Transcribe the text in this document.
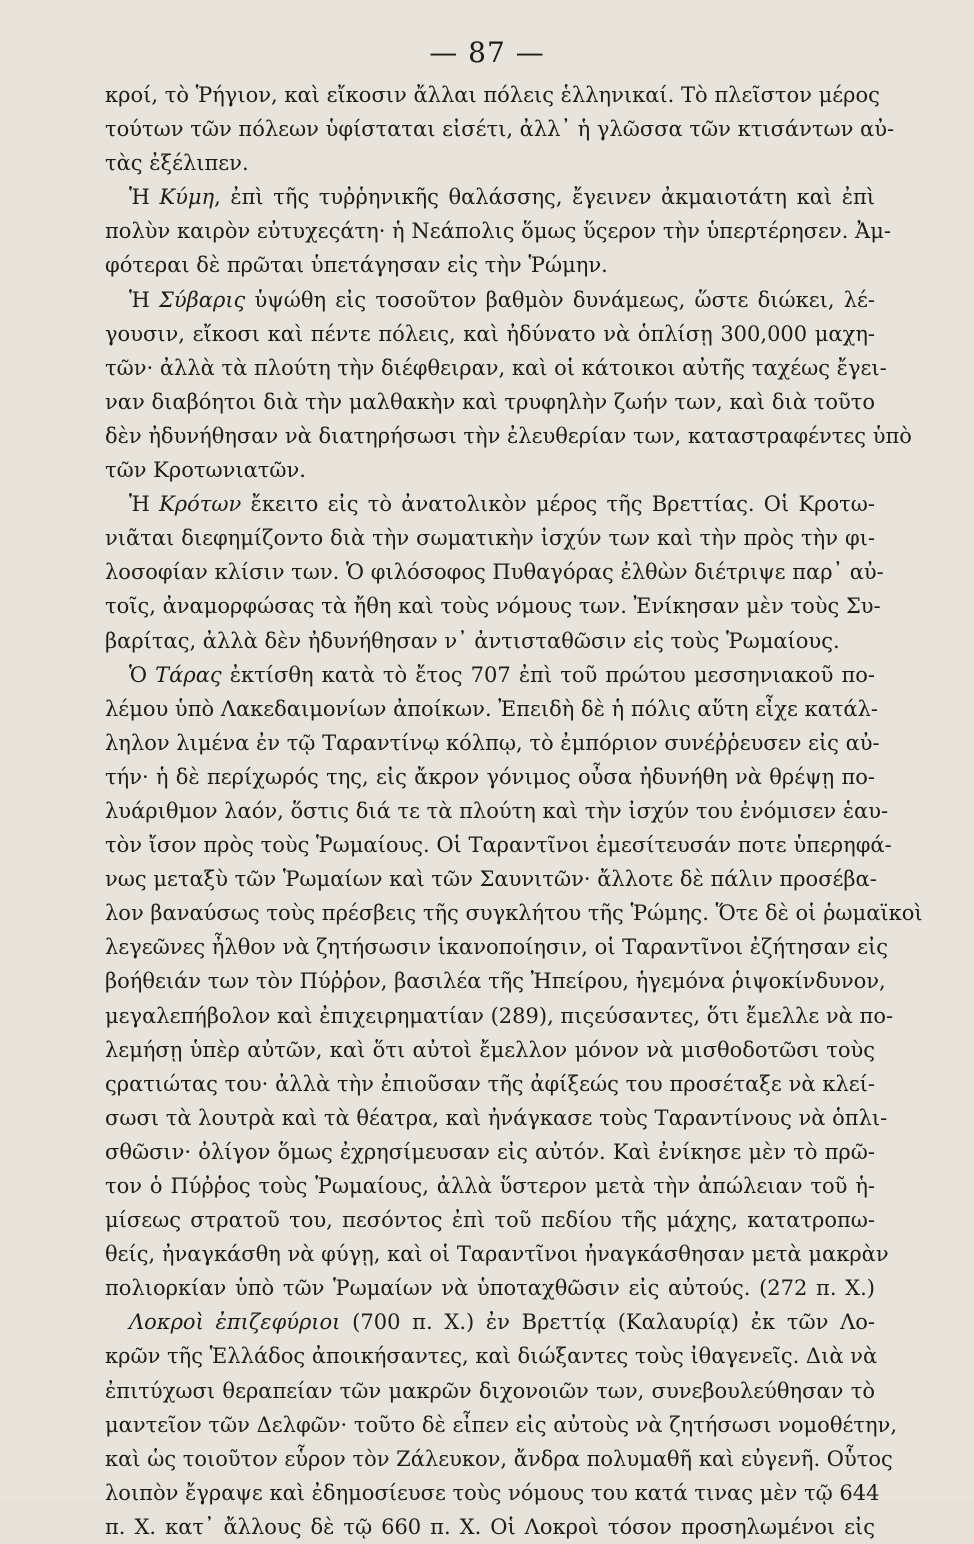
— 87 —
κροί, τὸ Ῥήγιον, καὶ εἴκοσιν ἄλλαι πόλεις ἑλληνικαί. Τὸ πλεῖστον μέρος
τούτων τῶν πόλεων ὑφίσταται εἰσέτι, ἀλλ᾽ ἡ γλῶσσα τῶν κτισάντων αὐ-
τὰς ἐξέλιπεν.
Ἡ Κύμη, ἐπὶ τῆς τυῤῥηνικῆς θαλάσσης, ἔγεινεν ἀκμαιοτάτη καὶ ἐπὶ
πολὺν καιρὸν εὐτυχεςάτη· ἡ Νεάπολις ὅμως ὕςερον τὴν ὑπερτέρησεν. Ἀμ-
φότεραι δὲ πρῶται ὑπετάγησαν εἰς τὴν Ῥώμην.
Ἡ Σύβαρις ὑψώθη εἰς τοσοῦτον βαθμὸν δυνάμεως, ὥστε διώκει, λέ-
γουσιν, εἴκοσι καὶ πέντε πόλεις, καὶ ἠδύνατο νὰ ὁπλίσῃ 300,000 μαχη-
τῶν· ἀλλὰ τὰ πλούτη τὴν διέφθειραν, καὶ οἱ κάτοικοι αὐτῆς ταχέως ἔγει-
ναν διαβόητοι διὰ τὴν μαλθακὴν καὶ τρυφηλὴν ζωήν των, καὶ διὰ τοῦτο
δὲν ἠδυνήθησαν νὰ διατηρήσωσι τὴν ἐλευθερίαν των, καταστραφέντες ὑπὸ
τῶν Κροτωνιατῶν.
Ἡ Κρότων ἔκειτο εἰς τὸ ἀνατολικὸν μέρος τῆς Βρεττίας. Οἱ Κροτω-
νιᾶται διεφημίζοντο διὰ τὴν σωματικὴν ἰσχύν των καὶ τὴν πρὸς τὴν φι-
λοσοφίαν κλίσιν των. Ὁ φιλόσοφος Πυθαγόρας ἐλθὼν διέτριψε παρ᾽ αὐ-
τοῖς, ἀναμορφώσας τὰ ἤθη καὶ τοὺς νόμους των. Ἐνίκησαν μὲν τοὺς Συ-
βαρίτας, ἀλλὰ δὲν ἠδυνήθησαν ν᾽ ἀντισταθῶσιν εἰς τοὺς Ῥωμαίους.
Ὁ Τάρας ἐκτίσθη κατὰ τὸ ἔτος 707 ἐπὶ τοῦ πρώτου μεσσηνιακοῦ πο-
λέμου ὑπὸ Λακεδαιμονίων ἀποίκων. Ἐπειδὴ δὲ ἡ πόλις αὕτη εἶχε κατάλ-
ληλον λιμένα ἐν τῷ Ταραντίνῳ κόλπῳ, τὸ ἐμπόριον συνέῤῥευσεν εἰς αὐ-
τήν· ἡ δὲ περίχωρός της, εἰς ἄκρον γόνιμος οὖσα ἠδυνήθη νὰ θρέψῃ πο-
λυάριθμον λαόν, ὅστις διά τε τὰ πλούτη καὶ τὴν ἰσχύν του ἐνόμισεν ἑαυ-
τὸν ἴσον πρὸς τοὺς Ῥωμαίους. Οἱ Ταραντῖνοι ἐμεσίτευσάν ποτε ὑπερηφά-
νως μεταξὺ τῶν Ῥωμαίων καὶ τῶν Σαυνιτῶν· ἄλλοτε δὲ πάλιν προσέβα-
λον βαναύσως τοὺς πρέσβεις τῆς συγκλήτου τῆς Ῥώμης. Ὅτε δὲ οἱ ῥωμαϊκοὶ
λεγεῶνες ἦλθον νὰ ζητήσωσιν ἱκανοποίησιν, οἱ Ταραντῖνοι ἐζήτησαν εἰς
βοήθειάν των τὸν Πύῤῥον, βασιλέα τῆς Ἠπείρου, ἡγεμόνα ῥιψοκίνδυνον,
μεγαλεπήβολον καὶ ἐπιχειρηματίαν (289), πιςεύσαντες, ὅτι ἔμελλε νὰ πο-
λεμήσῃ ὑπὲρ αὐτῶν, καὶ ὅτι αὐτοὶ ἔμελλον μόνον νὰ μισθοδοτῶσι τοὺς
ςρατιώτας του· ἀλλὰ τὴν ἐπιοῦσαν τῆς ἀφίξεώς του προσέταξε νὰ κλεί-
σωσι τὰ λουτρὰ καὶ τὰ θέατρα, καὶ ἠνάγκασε τοὺς Ταραντίνους νὰ ὁπλι-
σθῶσιν· ὀλίγον ὅμως ἐχρησίμευσαν εἰς αὐτόν. Καὶ ἐνίκησε μὲν τὸ πρῶ-
τον ὁ Πύῤῥος τοὺς Ῥωμαίους, ἀλλὰ ὕστερον μετὰ τὴν ἀπώλειαν τοῦ ἡ-
μίσεως στρατοῦ του, πεσόντος ἐπὶ τοῦ πεδίου τῆς μάχης, κατατροπω-
θείς, ἠναγκάσθη νὰ φύγῃ, καὶ οἱ Ταραντῖνοι ἠναγκάσθησαν μετὰ μακρὰν
πολιορκίαν ὑπὸ τῶν Ῥωμαίων νὰ ὑποταχθῶσιν εἰς αὐτούς. (272 π. Χ.)
Λοκροὶ ἐπιζεφύριοι (700 π. Χ.) ἐν Βρεττίᾳ (Καλαυρίᾳ) ἐκ τῶν Λο-
κρῶν τῆς Ἑλλάδος ἀποικήσαντες, καὶ διώξαντες τοὺς ἰθαγενεῖς. Διὰ νὰ
ἐπιτύχωσι θεραπείαν τῶν μακρῶν διχονοιῶν των, συνεβουλεύθησαν τὸ
μαντεῖον τῶν Δελφῶν· τοῦτο δὲ εἶπεν εἰς αὐτοὺς νὰ ζητήσωσι νομοθέτην,
καὶ ὡς τοιοῦτον εὗρον τὸν Ζάλευκον, ἄνδρα πολυμαθῆ καὶ εὐγενῆ. Οὗτος
λοιπὸν ἔγραψε καὶ ἐδημοσίευσε τοὺς νόμους του κατά τινας μὲν τῷ 644
π. Χ. κατ᾽ ἄλλους δὲ τῷ 660 π. Χ. Οἱ Λοκροὶ τόσον προσηλωμένοι εἰς
